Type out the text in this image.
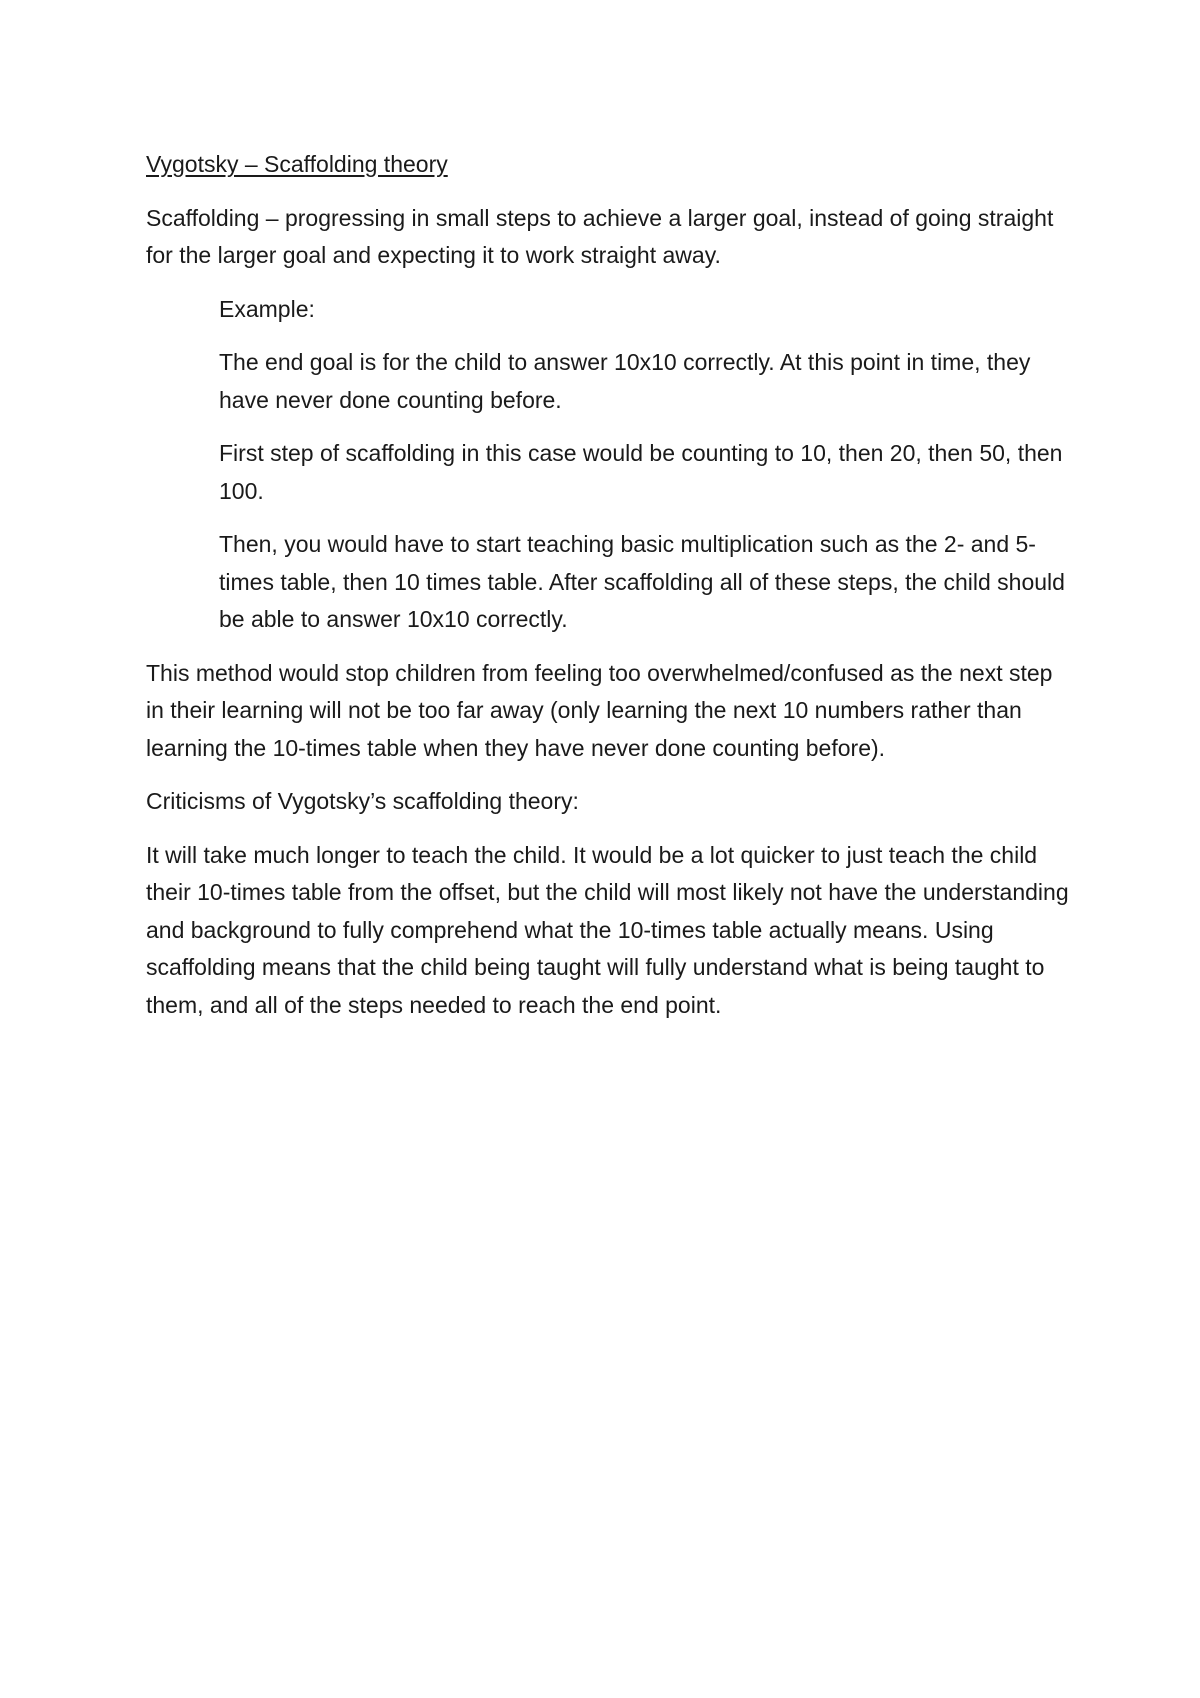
Vygotsky – Scaffolding theory

Scaffolding – progressing in small steps to achieve a larger goal, instead of going straight for the larger goal and expecting it to work straight away.

Example:

The end goal is for the child to answer 10x10 correctly. At this point in time, they have never done counting before.

First step of scaffolding in this case would be counting to 10, then 20, then 50, then 100.

Then, you would have to start teaching basic multiplication such as the 2- and 5-times table, then 10 times table. After scaffolding all of these steps, the child should be able to answer 10x10 correctly.

This method would stop children from feeling too overwhelmed/confused as the next step in their learning will not be too far away (only learning the next 10 numbers rather than learning the 10-times table when they have never done counting before).

Criticisms of Vygotsky’s scaffolding theory:

It will take much longer to teach the child. It would be a lot quicker to just teach the child their 10-times table from the offset, but the child will most likely not have the understanding and background to fully comprehend what the 10-times table actually means. Using scaffolding means that the child being taught will fully understand what is being taught to them, and all of the steps needed to reach the end point.
